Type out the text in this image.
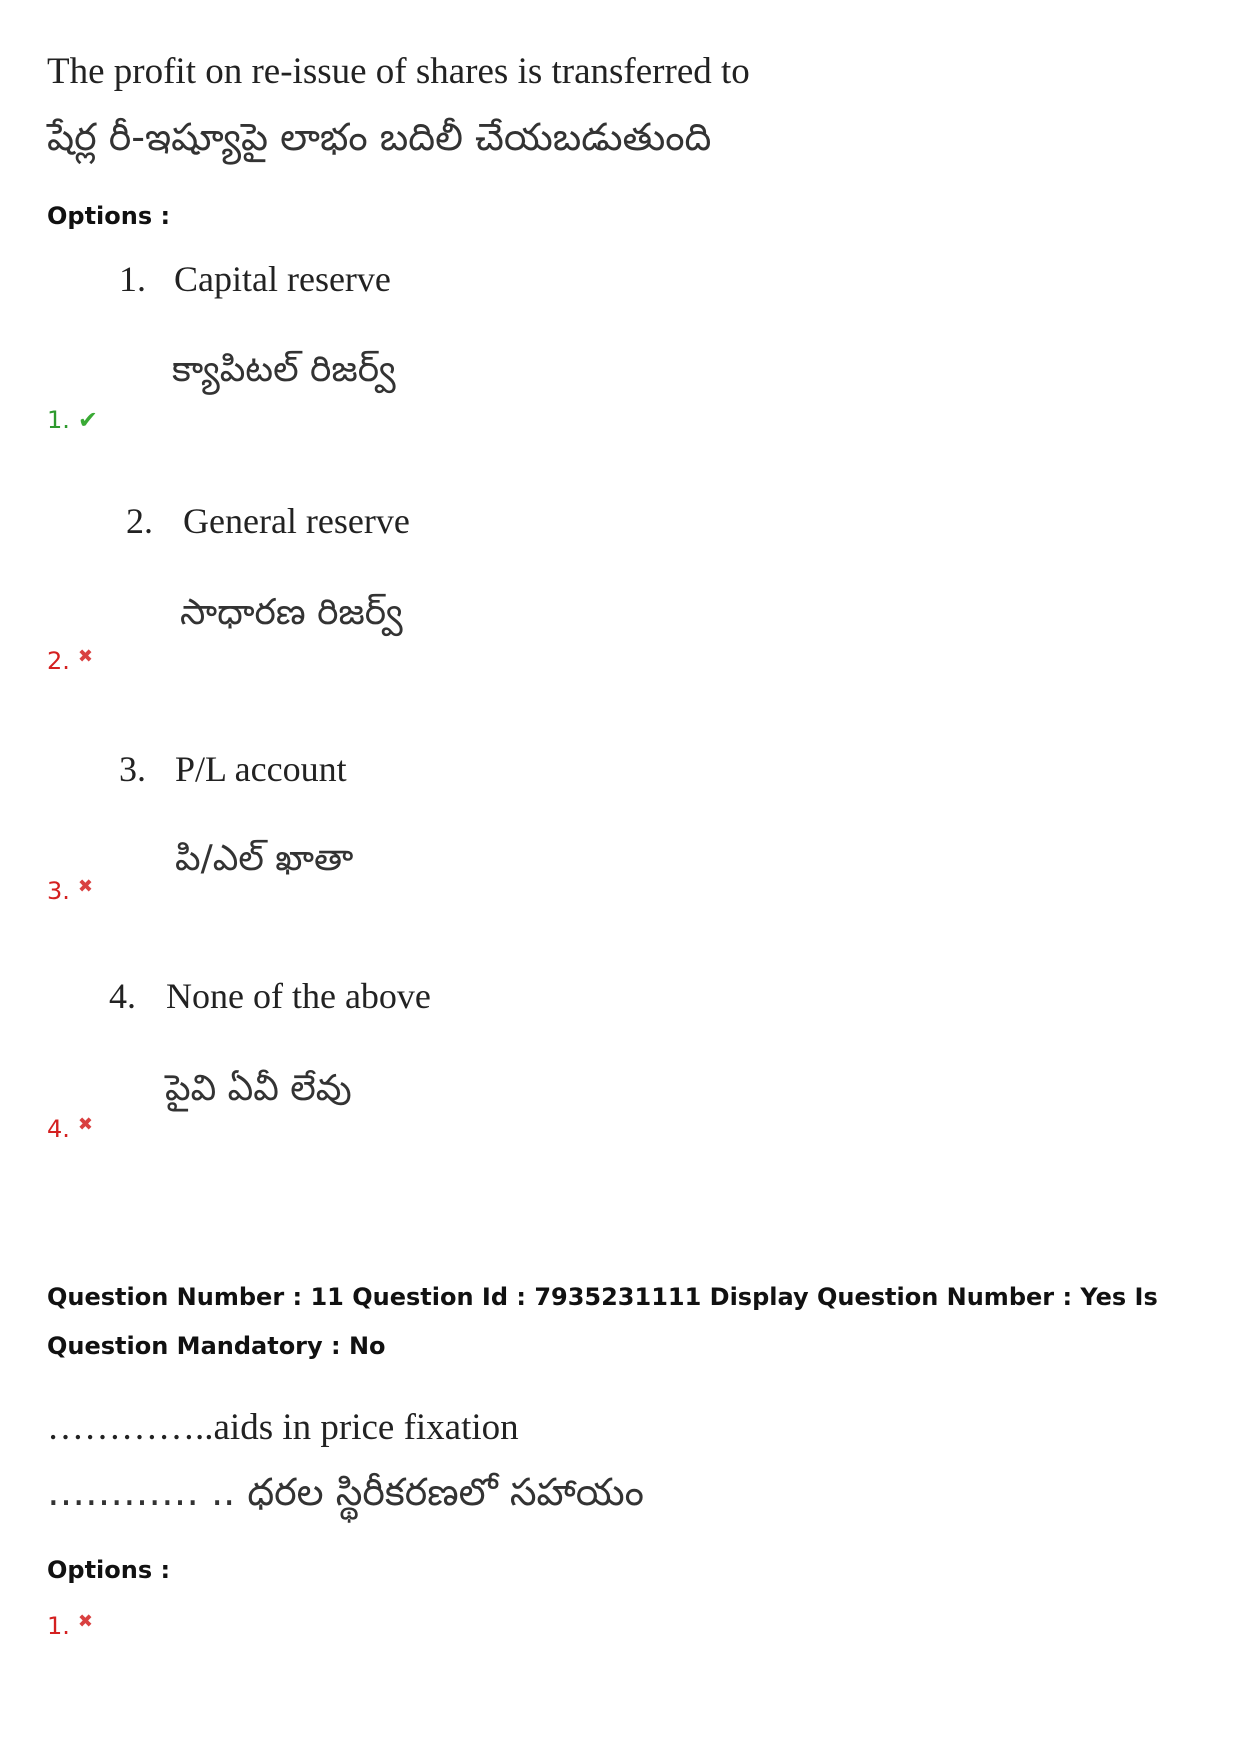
The profit on re-issue of shares is transferred to
షేర్ల రీ-ఇష్యూపై లాభం బదిలీ చేయబడుతుంది
Options :
1. Capital reserve
క్యాపిటల్ రిజర్వ్
1. ✔
2. General reserve
సాధారణ రిజర్వ్
2. ✖
3. P/L account
పి/ఎల్ ఖాతా
3. ✖
4. None of the above
పైవి ఏవీ లేవు
4. ✖
Question Number : 11 Question Id : 7935231111 Display Question Number : Yes Is Question Mandatory : No
…………..aids in price fixation
………… .. ధరల స్థిరీకరణలో సహాయం
Options :
1. ✖
